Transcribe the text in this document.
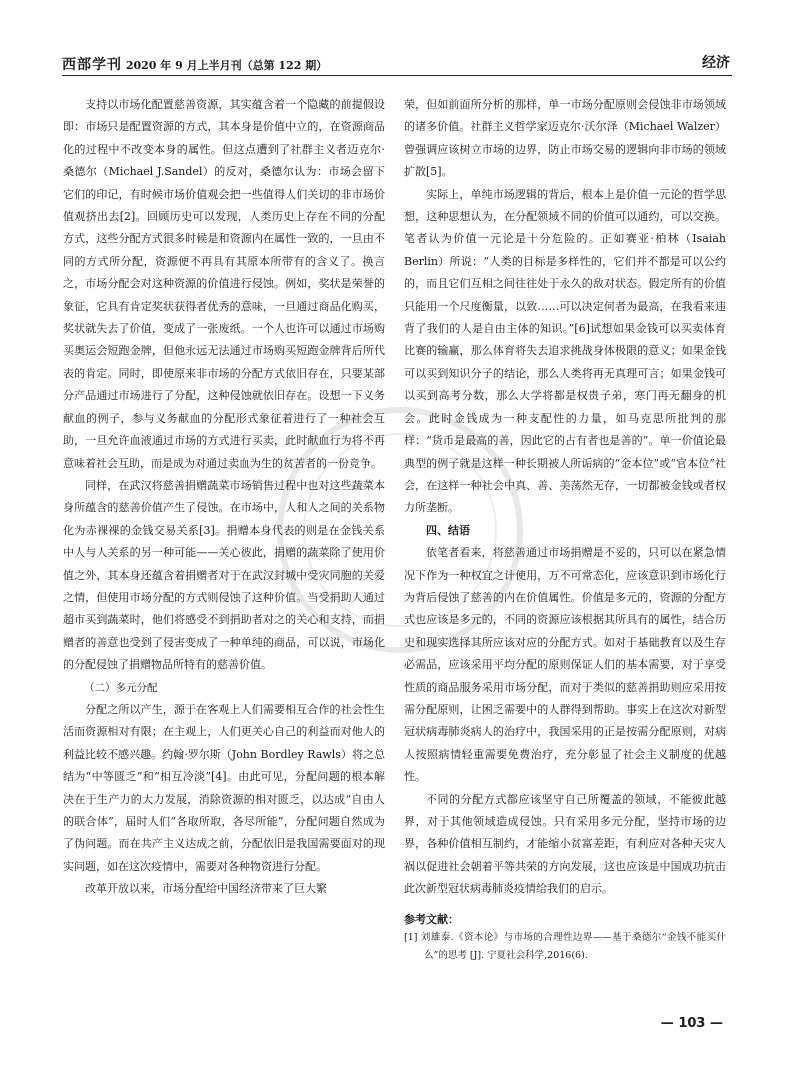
西部学刊 2020 年 9 月上半月刊（总第 122 期）	经济

支持以市场化配置慈善资源，其实蕴含着一个隐藏的前提假设即：市场只是配置资源的方式，其本身是价值中立的，在资源商品化的过程中不改变本身的属性。但这点遭到了社群主义者迈克尔·桑德尔（Michael J.Sandel）的反对，桑德尔认为：市场会留下它们的印记，有时候市场价值观会把一些值得人们关切的非市场价值观挤出去[2]。回顾历史可以发现，人类历史上存在不同的分配方式，这些分配方式很多时候是和资源内在属性一致的，一旦由不同的方式所分配，资源便不再具有其原本所带有的含义了。换言之，市场分配会对这种资源的价值进行侵蚀。例如，奖状是荣誉的象征，它具有肯定奖状获得者优秀的意味，一旦通过商品化购买，奖状就失去了价值，变成了一张废纸。一个人也许可以通过市场购买奥运会短跑金牌，但他永远无法通过市场购买短跑金牌背后所代表的肯定。同时，即使原来非市场的分配方式依旧存在，只要某部分产品通过市场进行了分配，这种侵蚀就依旧存在。设想一下义务献血的例子，参与义务献血的分配形式象征着进行了一种社会互助，一旦允许血液通过市场的方式进行买卖，此时献血行为将不再意味着社会互助，而是成为对通过卖血为生的贫苦者的一份竞争。

同样，在武汉将慈善捐赠蔬菜市场销售过程中也对这些蔬菜本身所蕴含的慈善价值产生了侵蚀。在市场中，人和人之间的关系物化为赤裸裸的金钱交易关系[3]。捐赠本身代表的则是在金钱关系中人与人关系的另一种可能——关心彼此，捐赠的蔬菜除了使用价值之外，其本身还蕴含着捐赠者对于在武汉封城中受灾同胞的关爱之情，但使用市场分配的方式则侵蚀了这种价值。当受捐助人通过超市买到蔬菜时，他们将感受不到捐助者对之的关心和支持，而捐赠者的善意也受到了侵害变成了一种单纯的商品，可以说，市场化的分配侵蚀了捐赠物品所特有的慈善价值。

（二）多元分配

分配之所以产生，源于在客观上人们需要相互合作的社会性生活而资源相对有限；在主观上，人们更关心自己的利益而对他人的利益比较不感兴趣。约翰·罗尔斯（John Bordley Rawls）将之总结为“中等匮乏”和“相互冷淡”[4]。由此可见，分配问题的根本解决在于生产力的大力发展，消除资源的相对匮乏，以达成“自由人的联合体”，届时人们“各取所取，各尽所能”，分配问题自然成为了伪问题。而在共产主义达成之前，分配依旧是我国需要面对的现实问题，如在这次疫情中，需要对各种物资进行分配。

改革开放以来，市场分配给中国经济带来了巨大繁

荣，但如前面所分析的那样，单一市场分配原则会侵蚀非市场领域的诸多价值。社群主义哲学家迈克尔·沃尔泽（Michael Walzer）曾强调应该树立市场的边界，防止市场交易的逻辑向非市场的领域扩散[5]。

实际上，单纯市场逻辑的背后，根本上是价值一元论的哲学思想，这种思想认为，在分配领域不同的价值可以通约，可以交换。笔者认为价值一元论是十分危险的。正如赛亚·柏林（Isaiah Berlin）所说：“人类的目标是多样性的，它们并不都是可以公约的，而且它们互相之间往往处于永久的敌对状态。假定所有的价值只能用一个尺度衡量，以致……可以决定何者为最高，在我看来违背了我们的人是自由主体的知识。”[6]试想如果金钱可以买卖体育比赛的输赢，那么体育将失去追求挑战身体极限的意义；如果金钱可以买到知识分子的结论，那么人类将再无真理可言；如果金钱可以买到高考分数，那么大学将都是权贵子弟，寒门再无翻身的机会。此时金钱成为一种支配性的力量，如马克思所批判的那样：“货币是最高的善，因此它的占有者也是善的”。单一价值论最典型的例子就是这样一种长期被人所诟病的“金本位”或“官本位”社会，在这样一种社会中真、善、美荡然无存，一切都被金钱或者权力所垄断。

四、结语

依笔者看来，将慈善通过市场捐赠是不妥的，只可以在紧急情况下作为一种权宜之计使用，万不可常态化，应该意识到市场化行为背后侵蚀了慈善的内在价值属性。价值是多元的，资源的分配方式也应该是多元的，不同的资源应该根据其所具有的属性，结合历史和现实选择其所应该对应的分配方式。如对于基础教育以及生存必需品，应该采用平均分配的原则保证人们的基本需要，对于享受性质的商品服务采用市场分配，而对于类似的慈善捐助则应采用按需分配原则，让困乏需要中的人群得到帮助。事实上在这次对新型冠状病毒肺炎病人的治疗中，我国采用的正是按需分配原则，对病人按照病情轻重需要免费治疗，充分彰显了社会主义制度的优越性。

不同的分配方式都应该坚守自己所覆盖的领域，不能彼此越界，对于其他领域造成侵蚀。只有采用多元分配，坚持市场的边界，各种价值相互制约，才能缩小贫富差距，有利应对各种天灾人祸以促进社会朝着平等共荣的方向发展，这也应该是中国成功抗击此次新型冠状病毒肺炎疫情给我们的启示。

参考文献：

[1] 刘雄泰.《资本论》与市场的合理性边界——基于桑德尔“金钱不能买什么”的思考 [J]. 宁夏社会科学,2016(6).

— 103 —
